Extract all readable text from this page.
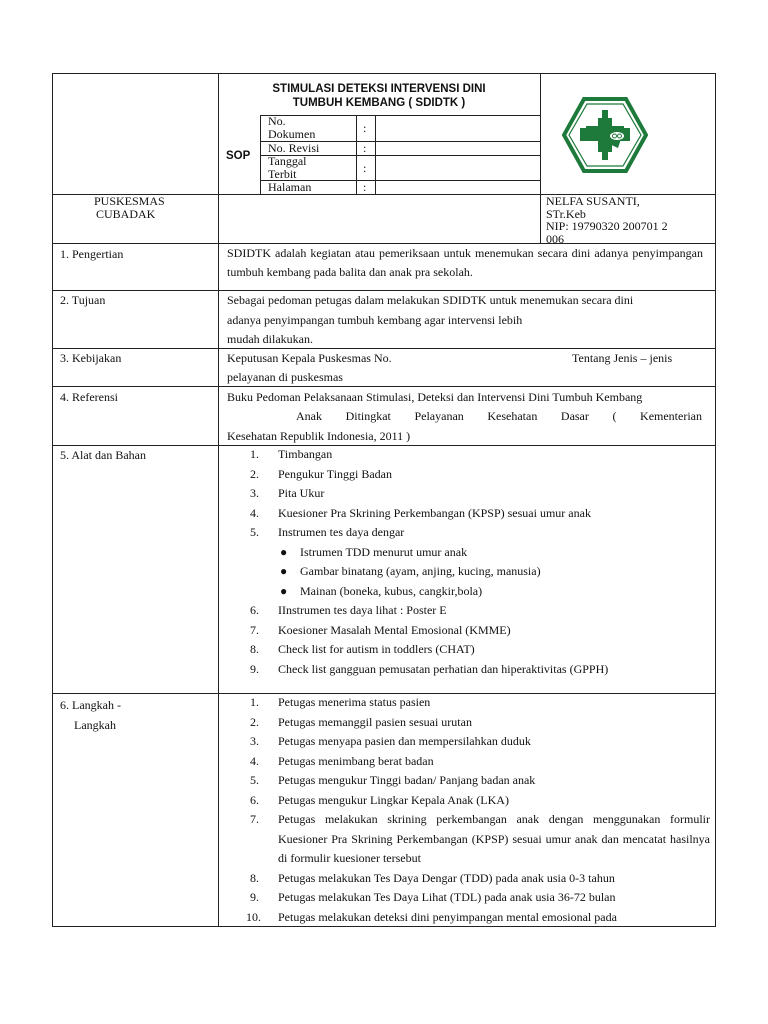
STIMULASI DETEKSI INTERVENSI DINI
TUMBUH KEMBANG ( SDIDTK )
SOP
No.
Dokumen	:
No. Revisi	:
Tanggal
Terbit	:
Halaman	:
PUSKESMAS
CUBADAK
NELFA SUSANTI,
STr.Keb
NIP: 19790320 200701 2
006
1. Pengertian	SDIDTK adalah kegiatan atau pemeriksaan untuk menemukan secara dini adanya penyimpangan tumbuh kembang pada balita dan anak pra sekolah.
2. Tujuan	Sebagai pedoman petugas dalam melakukan SDIDTK untuk menemukan secara dini
adanya penyimpangan tumbuh kembang agar intervensi lebih
mudah dilakukan.
3. Kebijakan	Keputusan Kepala Puskesmas No.	Tentang Jenis – jenis
pelayanan di puskesmas
4. Referensi	Buku Pedoman Pelaksanaan Stimulasi, Deteksi dan Intervensi Dini Tumbuh Kembang
Anak Ditingkat Pelayanan Kesehatan Dasar ( Kementerian
Kesehatan Republik Indonesia, 2011 )
5. Alat dan Bahan	1.	Timbangan
2.	Pengukur Tinggi Badan
3.	Pita Ukur
4.	Kuesioner Pra Skrining Perkembangan (KPSP) sesuai umur anak
5.	Instrumen tes daya dengar
● Istrumen TDD menurut umur anak
● Gambar binatang (ayam, anjing, kucing, manusia)
● Mainan (boneka, kubus, cangkir,bola)
6.	IInstrumen tes daya lihat : Poster E
7.	Koesioner Masalah Mental Emosional (KMME)
8.	Check list for autism in toddlers (CHAT)
9.	Check list gangguan pemusatan perhatian dan hiperaktivitas (GPPH)
6. Langkah -
Langkah
1.	Petugas menerima status pasien
2.	Petugas memanggil pasien sesuai urutan
3.	Petugas menyapa pasien dan mempersilahkan duduk
4.	Petugas menimbang berat badan
5.	Petugas mengukur Tinggi badan/ Panjang badan anak
6.	Petugas mengukur Lingkar Kepala Anak (LKA)
7.	Petugas melakukan skrining perkembangan anak dengan menggunakan formulir Kuesioner Pra Skrining Perkembangan (KPSP) sesuai umur anak dan mencatat hasilnya di formulir kuesioner tersebut
8.	Petugas melakukan Tes Daya Dengar (TDD) pada anak usia 0-3 tahun
9.	Petugas melakukan Tes Daya Lihat (TDL) pada anak usia 36-72 bulan
10.	Petugas melakukan deteksi dini penyimpangan mental emosional pada
